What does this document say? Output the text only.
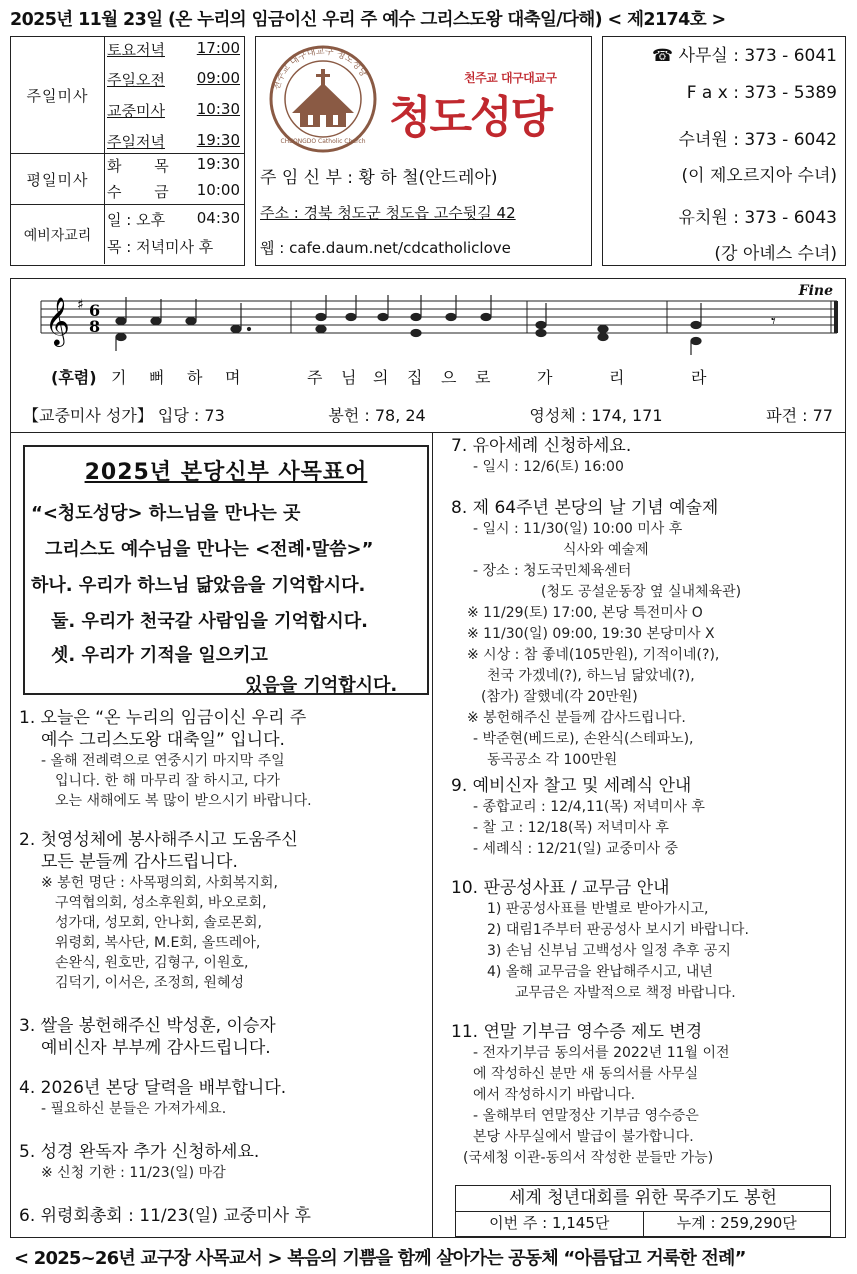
2025년 11월 23일 (온 누리의 임금이신 우리 주 예수 그리스도왕 대축일/다해) < 제2174호 >
주일미사
토요저녁 17:00
주일오전 09:00
교중미사 10:30
주일저녁 19:30
평일미사
화 목 19:30
수 금 10:00
예비자교리
일 : 오후 04:30
목 : 저녁미사 후
천주교 대구대교구 청도성당
CHEONGDO Catholic Church
천주교 대구대교구
청도성당
주 임 신 부 : 황 하 철(안드레아)
주소 : 경북 청도군 청도읍 고수뒷길 42
웹 : cafe.daum.net/cdcatholiclove
☎ 사무실 : 373 - 6041
F a x : 373 - 5389
수녀원 : 373 - 6042
(이 제오르지아 수녀)
유치원 : 373 - 6043
(강 아녜스 수녀)
Fine
𝄞 ♯ 6
8	𝄾
(후렴) 기 뻐 하 며	주 님 의 집 으 로	가	리	라
【교중미사 성가】 입당 : 73	봉헌 : 78, 24	영성체 : 174, 171	파견 : 77
2025년 본당신부 사목표어
“<청도성당> 하느님을 만나는 곳
그리스도 예수님을 만나는 <전례·말씀>”
하나. 우리가 하느님 닮았음을 기억합시다.
둘. 우리가 천국갈 사람임을 기억합시다.
셋. 우리가 기적을 일으키고
있음을 기억합시다.
1. 오늘은 “온 누리의 임금이신 우리 주
예수 그리스도왕 대축일” 입니다.
- 올해 전례력으로 연중시기 마지막 주일
입니다. 한 해 마무리 잘 하시고, 다가
오는 새해에도 복 많이 받으시기 바랍니다.
2. 첫영성체에 봉사해주시고 도움주신
모든 분들께 감사드립니다.
※ 봉헌 명단 : 사목평의회, 사회복지회,
구역협의회, 성소후원회, 바오로회,
성가대, 성모회, 안나회, 솔로몬회,
위령회, 복사단, M.E회, 올뜨레아,
손완식, 원호만, 김형구, 이원호,
김덕기, 이서은, 조정희, 원혜성
3. 쌀을 봉헌해주신 박성훈, 이승자
예비신자 부부께 감사드립니다.
4. 2026년 본당 달력을 배부합니다.
- 필요하신 분들은 가져가세요.
5. 성경 완독자 추가 신청하세요.
※ 신청 기한 : 11/23(일) 마감
6. 위령회총회 : 11/23(일) 교중미사 후
7. 유아세례 신청하세요.
- 일시 : 12/6(토) 16:00
8. 제 64주년 본당의 날 기념 예술제
- 일시 : 11/30(일) 10:00 미사 후
식사와 예술제
- 장소 : 청도국민체육센터
(청도 공설운동장 옆 실내체육관)
※ 11/29(토) 17:00, 본당 특전미사 O
※ 11/30(일) 09:00, 19:30 본당미사 X
※ 시상 : 참 좋네(105만원), 기적이네(?),
천국 가겠네(?), 하느님 닮았네(?),
(참가) 잘했네(각 20만원)
※ 봉헌해주신 분들께 감사드립니다.
- 박준현(베드로), 손완식(스테파노),
동곡공소 각 100만원
9. 예비신자 찰고 및 세례식 안내
- 종합교리 : 12/4,11(목) 저녁미사 후
- 찰 고 : 12/18(목) 저녁미사 후
- 세례식 : 12/21(일) 교중미사 중
10. 판공성사표 / 교무금 안내
1) 판공성사표를 반별로 받아가시고,
2) 대림1주부터 판공성사 보시기 바랍니다.
3) 손님 신부님 고백성사 일정 추후 공지
4) 올해 교무금을 완납해주시고, 내년
교무금은 자발적으로 책정 바랍니다.
11. 연말 기부금 영수증 제도 변경
- 전자기부금 동의서를 2022년 11월 이전
에 작성하신 분만 새 동의서를 사무실
에서 작성하시기 바랍니다.
- 올해부터 연말정산 기부금 영수증은
본당 사무실에서 발급이 불가합니다.
(국세청 이관-동의서 작성한 분들만 가능)
세계 청년대회를 위한 묵주기도 봉헌
이번 주 : 1,145단	누계 : 259,290단
< 2025~26년 교구장 사목교서 > 복음의 기쁨을 함께 살아가는 공동체 “아름답고 거룩한 전례”
